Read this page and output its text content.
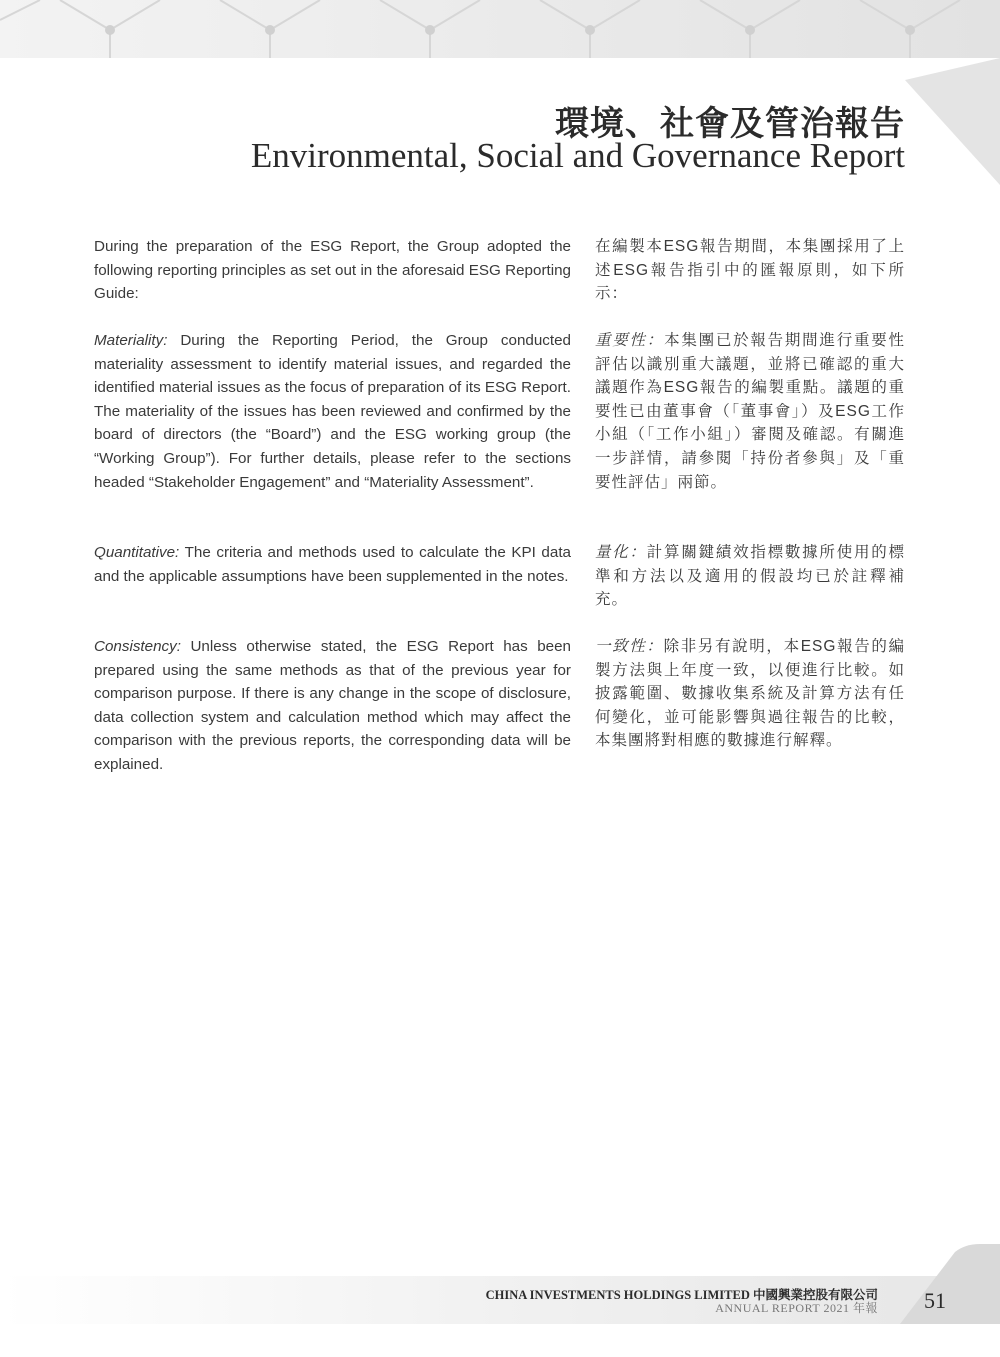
環境、社會及管治報告
Environmental, Social and Governance Report

During the preparation of the ESG Report, the Group adopted the following reporting principles as set out in the aforesaid ESG Reporting Guide:

在編製本ESG報告期間，本集團採用了上述ESG報告指引中的匯報原則，如下所示：

Materiality: During the Reporting Period, the Group conducted materiality assessment to identify material issues, and regarded the identified material issues as the focus of preparation of its ESG Report. The materiality of the issues has been reviewed and confirmed by the board of directors (the “Board”) and the ESG working group (the “Working Group”). For further details, please refer to the sections headed “Stakeholder Engagement” and “Materiality Assessment”.

重要性：本集團已於報告期間進行重要性評估以識別重大議題，並將已確認的重大議題作為ESG報告的編製重點。議題的重要性已由董事會（「董事會」）及ESG工作小組（「工作小組」）審閱及確認。有關進一步詳情，請參閱「持份者參與」及「重要性評估」兩節。

Quantitative: The criteria and methods used to calculate the KPI data and the applicable assumptions have been supplemented in the notes.

量化：計算關鍵績效指標數據所使用的標準和方法以及適用的假設均已於註釋補充。

Consistency: Unless otherwise stated, the ESG Report has been prepared using the same methods as that of the previous year for comparison purpose. If there is any change in the scope of disclosure, data collection system and calculation method which may affect the comparison with the previous reports, the corresponding data will be explained.

一致性：除非另有說明，本ESG報告的編製方法與上年度一致，以便進行比較。如披露範圍、數據收集系統及計算方法有任何變化，並可能影響與過往報告的比較，本集團將對相應的數據進行解釋。

CHINA INVESTMENTS HOLDINGS LIMITED 中國興業控股有限公司
ANNUAL REPORT 2021 年報 51
